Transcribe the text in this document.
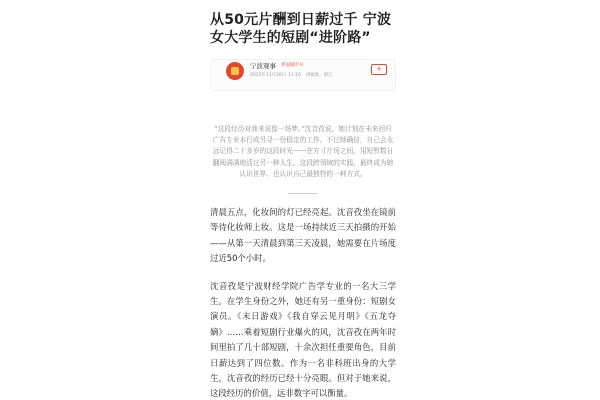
从50元片酬到日薪过千 宁波女大学生的短剧“进阶路”
宁波观事 界面城市号
2025年11月26日 11:10 IP属地：浙江
+
“这段经历对我来说像一场梦。”沈音孜说。她计划在未来回归广告专业本行或另寻一份稳定的工作。不过她确信，自己会永远记得二十多岁的这段时光——在方寸片场之间，用短暂数日翻阅满满地活过另一种人生。这段跨领域的实践，最终成为她认识世界、也认识自己最独特的一种方式。

清晨五点，化妆间的灯已经亮起。沈音孜坐在镜前等待化妆师上妆。这是一场持续近三天拍摄的开始——从第一天清晨到第三天凌晨，她需要在片场度过近50个小时。

沈音孜是宁波财经学院广告学专业的一名大三学生。在学生身份之外，她还有另一重身份：短剧女演员。《末日游戏》《我自穿云见月明》《五龙夺嫡》……乘着短剧行业爆火的风，沈音孜在两年时间里拍了几十部短剧，十余次担任重要角色，目前日薪达到了四位数。作为一名非科班出身的大学生，沈音孜的经历已经十分亮眼。但对于她来说，这段经历的价值，远非数字可以衡量。
